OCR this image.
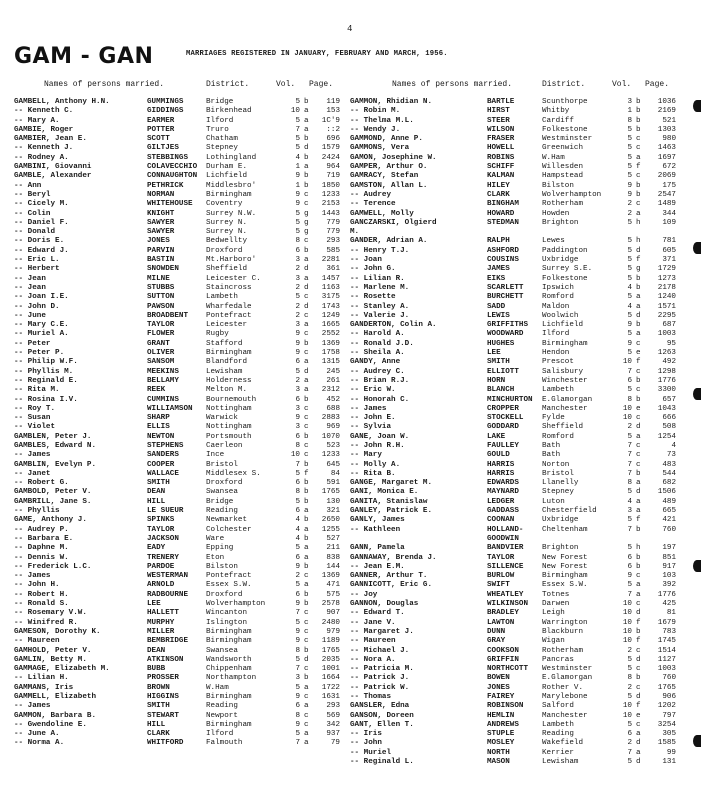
4
GAM - GAN	MARRIAGES REGISTERED IN JANUARY, FEBRUARY AND MARCH, 1956.
Names of persons married.	District.	Vol. Page.
GAMBELL, Anthony H.N.	GUMMINGS	Bridge	5 b	119
-- Kenneth C.	GIDDINGS	Birkenhead	10 a	153
-- Mary A.	EARMER	Ilford	5 a	1C'9
GAMBIE, Roger	POTTER	Truro	7 a	::2
GAMBIER, Jean E.	SCOTT	Chatham	5 b	696
-- Kenneth J.	GILTJES	Stepney	5 d	1579
-- Rodney A.	STEBBINGS Lothingland	4 b	2424
GAMBINI, Giovanni	COLAVECCHIO Durham E.	1 a	964
GAMBLE, Alexander	CONNAUGHTON Lichfield	9 b	719
-- Ann	PETHRICK	Middlesbro'	1 b	1850
-- Beryl	NORMAN	Birmingham	9 c	1233
-- Cicely M.	WHITEHOUSE Coventry	9 c	2153
-- Colin	KNIGHT	Surrey N.W.	5 g	1443
-- Daniel F.	SAWYER	Surrey N.	5 g	779
-- Donald	SAWYER	Surrey N.	5 g	779
-- Doris E.	JONES	Bedwellty	8 c	293
-- Edward J.	PARVIN	Droxford	6 b	585
-- Eric L.	BASTIN	Mt.Harboro'	3 a	2281
-- Herbert	SNOWDEN	Sheffield	2 d	361
-- Jean	MILNE	Leicester C.	3 a	1457
-- Jean	STUBBS	Staincross	2 d	1163
-- Joan I.E.	SUTTON	Lambeth	5 c	3175
-- John D.	PAWSON	Wharfedale	2 d	1743
-- June	BROADBENT Pontefract	2 c	1249
-- Mary C.E.	TAYLOR	Leicester	3 a	1665
-- Muriel A.	FLOWER	Rugby	9 c	2552
-- Peter	GRANT	Stafford	9 b	1369
-- Peter P.	OLIVER	Birmingham	9 c	1758
-- Philip W.F.	SANSOM	Blandford	6 a	1315
-- Phyllis M.	MEEKINS	Lewisham	5 d	245
-- Reginald E.	BELLAMY	Holderness	2 a	261
-- Rita M.	REEK	Melton M.	3 a	2312
-- Rosina I.V.	CUMMINS	Bournemouth	6 b	452
-- Roy T.	WILLIAMSON Nottingham	3 c	688
-- Susan	SHARP	Warwick	9 c	2883
-- Violet	ELLIS	Nottingham	3 c	969
GAMBLEN, Peter J.	NEWTON	Portsmouth	6 b	1070
GAMBLES, Edward N.	STEPHENS	Caerleon	8 c	523
-- James	SANDERS	Ince	10 c	1233
GAMBLIN, Evelyn P.	COOPER	Bristol	7 b	645
-- Janet	WALLACE	Middlesex S.	5 f	84
-- Robert G.	SMITH	Droxford	6 b	591
GAMBOLD, Peter V.	DEAN	Swansea	8 b	1765
GAMBRILL, Jane S.	HILL	Bridge	5 b	130
-- Phyllis	LE SUEUR	Reading	6 a	321
GAME, Anthony J.	SPINKS	Newmarket	4 b	2650
-- Audrey P.	TAYLOR	Colchester	4 a	1255
-- Barbara E.	JACKSON	Ware	4 b	527
-- Daphne M.	EADY	Epping	5 a	211
-- Dennis W.	TRENERY	Eton	6 a	838
-- Frederick L.C.	PARDOE	Bilston	9 b	144
-- James	WESTERMAN Pontefract	2 c	1369
-- John H.	ARNOLD	Essex S.W.	5 a	471
-- Robert H.	RADBOURNE Droxford	6 b	575
-- Ronald S.	LEE	Wolverhampton	9 b	2578
-- Rosemary V.W.	HALLETT	Wincanton	7 c	907
-- Winifred R.	MURPHY	Islington	5 c	2480
GAMESON, Dorothy K.	MILLER	Birmingham	9 c	979
-- Maureen	BEMBRIDGE Birmingham	9 c	1189
GAMHOLD, Peter V.	DEAN	Swansea	8 b	1765
GAMLIN, Betty M.	ATKINSON	Wandsworth	5 d	2035
GAMMAGE, Elizabeth M.	BUBB	Chippenham	7 c	1001
-- Lilian H.	PROSSER	Northampton	3 b	1664
GAMMANS, Iris	BROWN	W.Ham	5 a	1722
GAMMELL, Elizabeth	HIGGINS	Birmingham	9 c	1631
-- James	SMITH	Reading	6 a	293
GAMMON, Barbara B.	STEWART	Newport	8 c	569
-- Gwendoline E.	HILL	Birmingham	9 c	342
-- June A.	CLARK	Ilford	5 a	937
-- Norma A.	WHITFORD	Falmouth	7 a	79
Names of persons married.	District.	Vol. Page.
GAMMON, Rhidian N.	BARTLE	Scunthorpe	3 b	1036
-- Robin M.	HIRST	Whitby	1 b	2169
-- Thelma M.L.	STEER	Cardiff	8 b	521
-- Wendy J.	WILSON	Folkestone	5 b	1303
GAMMOND, Anne P.	FRASER	Westminster	5 c	980
GAMMONS, Vera	HOWELL	Greenwich	5 c	1463
GAMON, Josephine W.	ROBINS	W.Ham	5 a	1697
GAMPER, Arthur O.	SCHIFF	Willesden	5 f	672
GAMRACY, Stefan	KALMAN	Hampstead	5 c	2069
GAMSTON, Allan L.	HILEY	Bilston	9 b	175
-- Audrey	CLARK	Wolverhampton	9 b	2547
-- Terence	BINGHAM	Rotherham	2 c	1489
GAMWELL, Molly	HOWARD	Howden	2 a	344
GANCZARSKI, Olgierd	STEDMAN	Brighton	5 h	109
M.
GANDER, Adrian A.	RALPH	Lewes	5 h	781
-- Henry T.J.	ASHFORD	Paddington	5 d	605
-- Joan	COUSINS	Uxbridge	5 f	371
-- John G.	JAMES	Surrey S.E.	5 g	1729
-- Lilian R.	EIKS	Folkestone	5 b	1273
-- Marlene M.	SCARLETT Ipswich	4 b	2178
-- Rosette	BURCHETT Romford	5 a	1240
-- Stanley A.	SADD	Maldon	4 a	1571
-- Valerie J.	LEWIS	Woolwich	5 d	2295
GANDERTON, Colin A.	GRIFFITHS Lichfield	9 b	687
-- Harold A.	WOODWARD Ilford	5 a	1003
-- Ronald J.D.	HUGHES	Birmingham	9 c	95
-- Sheila A.	LEE	Hendon	5 e	1263
GANDY, Anne	SMITH	Prescot	10 f	492
-- Audrey C.	ELLIOTT	Salisbury	7 c	1298
-- Brian R.J.	HORN	Winchester	6 b	1776
-- Eric W.	BLANCH	Lambeth	5 c	3300
-- Honorah C.	MINCHURTON E.Glamorgan	8 b	657
-- James	CROPPER	Manchester	10 e	1043
-- John E.	STOCKELL Fylde	10 c	666
-- Sylvia	GODDARD	Sheffield	2 d	508
GANE, Joan W.	LAKE	Romford	5 a	1254
-- John R.H.	FAULLEY	Bath	7 c	4
-- Mary	GOULD	Bath	7 c	73
-- Molly A.	HARRIS	Norton	7 c	483
-- Rita B.	HARRIS	Bristol	7 b	544
GANGE, Margaret M.	EDWARDS	Llanelly	8 a	682
GANI, Monica E.	MAYNARD	Stepney	5 d	1506
GANITA, Stanislaw	LEDGER	Luton	4 a	489
GANLEY, Patrick E.	GADDASS	Chesterfield	3 a	665
GANLY, James	COONAN	Uxbridge	5 f	421
-- Kathleen	HOLLAND- Cheltenham	7 b	760
GOODWIN
GANN, Pamela	BANDVIER Brighton	5 h	197
GANNAWAY, Brenda J.	TAYLOR	New Forest	6 b	851
-- Jean E.M.	SILLENCE New Forest	6 b	917
GANNER, Arthur T.	BURLOW	Birmingham	9 c	103
GANNICOTT, Eric G.	SWIFT	Essex S.W.	5 a	392
-- Joy	WHEATLEY Totnes	7 a	1776
GANNON, Douglas	WILKINSON Darwen	10 c	425
-- Edward T.	BRADLEY	Leigh	10 d	81
-- Jane V.	LAWTON	Warrington	10 f	1679
-- Margaret J.	DUNN	Blackburn	10 b	783
-- Maureen	GRAY	Wigan	10 f	1745
-- Michael J.	COOKSON	Rotherham	2 c	1514
-- Nora A.	GRIFFIN	Pancras	5 d	1127
-- Patricia M.	NORTHCOTT Westminster	5 c	1003
-- Patrick J.	BOWEN	E.Glamorgan	8 b	760
-- Patrick W.	JONES	Rother V.	2 c	1765
-- Thomas	FAIREY	Marylebone	5 d	906
GANSLER, Edna	ROBINSON Salford	10 f	1202
GANSON, Doreen	HEMLIN	Manchester	10 e	797
GANT, Ellen T.	ANDREWS	Lambeth	5 c	3254
-- Iris	STUPLE	Reading	6 a	305
-- John	MOSLEY	Wakefield	2 d	1585
-- Muriel	NORTH	Kerrier	7 a	99
-- Reginald L.	MASON	Lewisham	5 d	131
